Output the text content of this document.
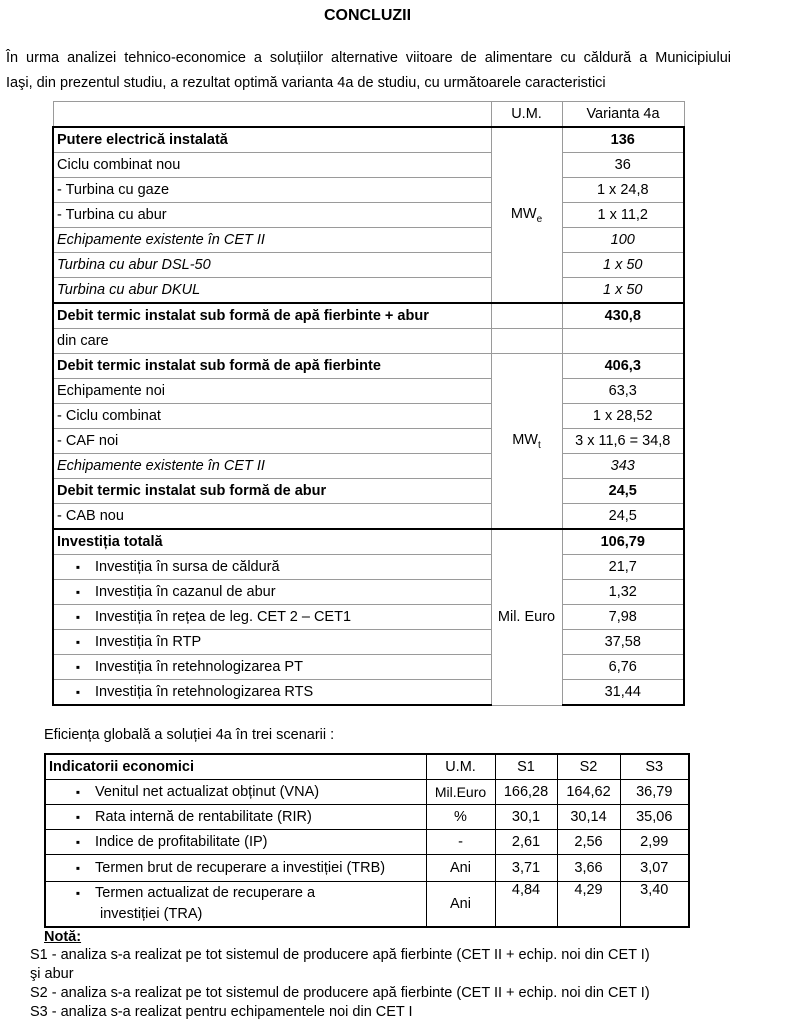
CONCLUZII
În urma analizei tehnico-economice a soluțiilor alternative viitoare de alimentare cu căldură a Municipiului
Iaşi, din prezentul studiu, a rezultat optimă varianta 4a de studiu, cu următoarele caracteristici
	U.M.	Varianta 4a
Putere electrică instalată	$MW_e$	136
Ciclu combinat nou		36
- Turbina cu gaze		1 x 24,8
- Turbina cu abur		1 x 11,2
Echipamente existente în CET II		100
Turbina cu abur DSL-50		1 x 50
Turbina cu abur DKUL		1 x 50
Debit termic instalat sub formă de apă fierbinte + abur		430,8
din care		
Debit termic instalat sub formă de apă fierbinte	$MW_t$	406,3
Echipamente noi		63,3
- Ciclu combinat		1 x 28,52
- CAF noi		3 x 11,6 = 34,8
Echipamente existente în CET II		343
Debit termic instalat sub formă de abur		24,5
- CAB nou		24,5
Investiția totală	Mil. Euro	106,79
▪ Investiția în sursa de căldură		21,7
▪ Investiția în cazanul de abur		1,32
▪ Investiția în rețea de leg. CET 2 – CET1		7,98
▪ Investiția în RTP		37,58
▪ Investiția în retehnologizarea PT		6,76
▪ Investiția în retehnologizarea RTS		31,44
Eficiența globală a soluției 4a în trei scenarii :
Indicatorii economici	U.M.	S1	S2	S3
▪ Venitul net actualizat obținut (VNA)	Mil.Euro	166,28	164,62	36,79
▪ Rata internă de rentabilitate (RIR)	%	30,1	30,14	35,06
▪ Indice de profitabilitate (IP)	-	2,61	2,56	2,99
▪ Termen brut de recuperare a investiției (TRB)	Ani	3,71	3,66	3,07

▪ Termen actualizat de recuperare a
investiției (TRA)	Ani	4,84	4,29	3,40
Notă:
S1 - analiza s-a realizat pe tot sistemul de producere apă fierbinte (CET II + echip. noi din CET I)
şi abur
S2 - analiza s-a realizat pe tot sistemul de producere apă fierbinte (CET II + echip. noi din CET I)
S3 - analiza s-a realizat pentru echipamentele noi din CET I
